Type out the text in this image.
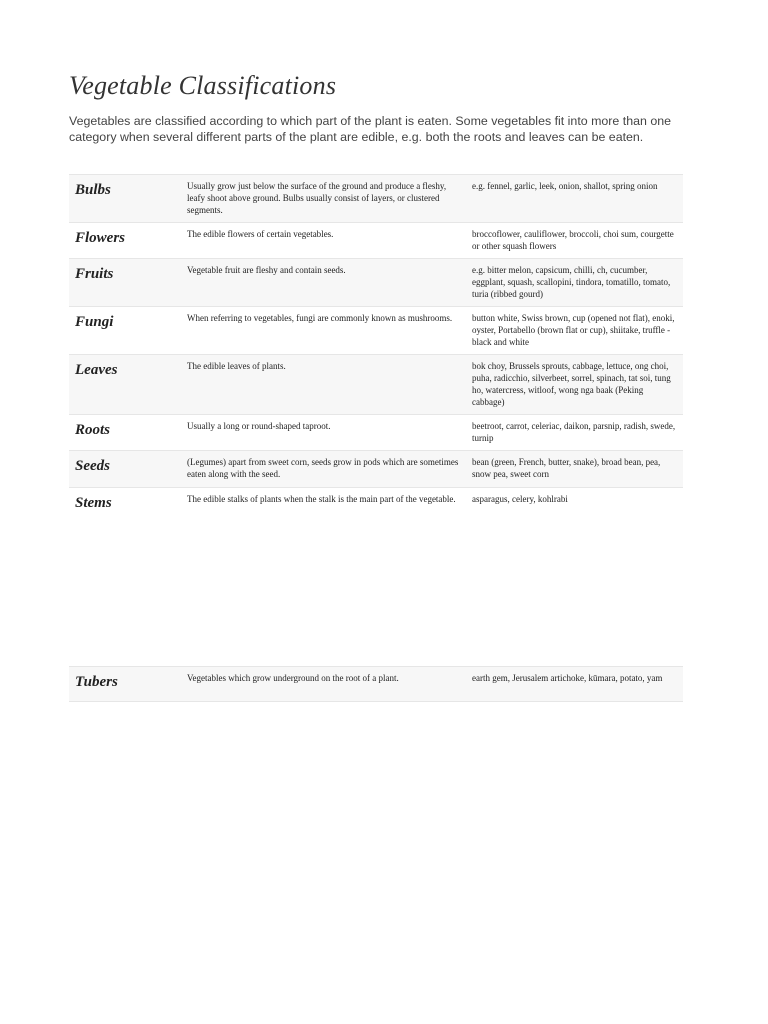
Vegetable Classifications

Vegetables are classified according to which part of the plant is eaten. Some vegetables fit into more than one category when several different parts of the plant are edible, e.g. both the roots and leaves can be eaten.

Bulbs	Usually grow just below the surface of the ground and produce a fleshy, leafy shoot above ground. Bulbs usually consist of layers, or clustered segments.	e.g. fennel, garlic, leek, onion, shallot, spring onion

Flowers	The edible flowers of certain vegetables.	broccoflower, cauliflower, broccoli, choi sum, courgette or other squash flowers

Fruits	Vegetable fruit are fleshy and contain seeds.	e.g. bitter melon, capsicum, chilli, ch, cucumber, eggplant, squash, scallopini, tindora, tomatillo, tomato, turia (ribbed gourd)

Fungi	When referring to vegetables, fungi are commonly known as mushrooms.	button white, Swiss brown, cup (opened not flat), enoki, oyster, Portabello (brown flat or cup), shiitake, truffle - black and white

Leaves	The edible leaves of plants.	bok choy, Brussels sprouts, cabbage, lettuce, ong choi, puha, radicchio, silverbeet, sorrel, spinach, tat soi, tung ho, watercress, witloof, wong nga baak (Peking cabbage)

Roots	Usually a long or round-shaped taproot.	beetroot, carrot, celeriac, daikon, parsnip, radish, swede, turnip

Seeds	(Legumes) apart from sweet corn, seeds grow in pods which are sometimes eaten along with the seed.	bean (green, French, butter, snake), broad bean, pea, snow pea, sweet corn

Stems	The edible stalks of plants when the stalk is the main part of the vegetable.	asparagus, celery, kohlrabi

Tubers	Vegetables which grow underground on the root of a plant.	earth gem, Jerusalem artichoke, kūmara, potato, yam
